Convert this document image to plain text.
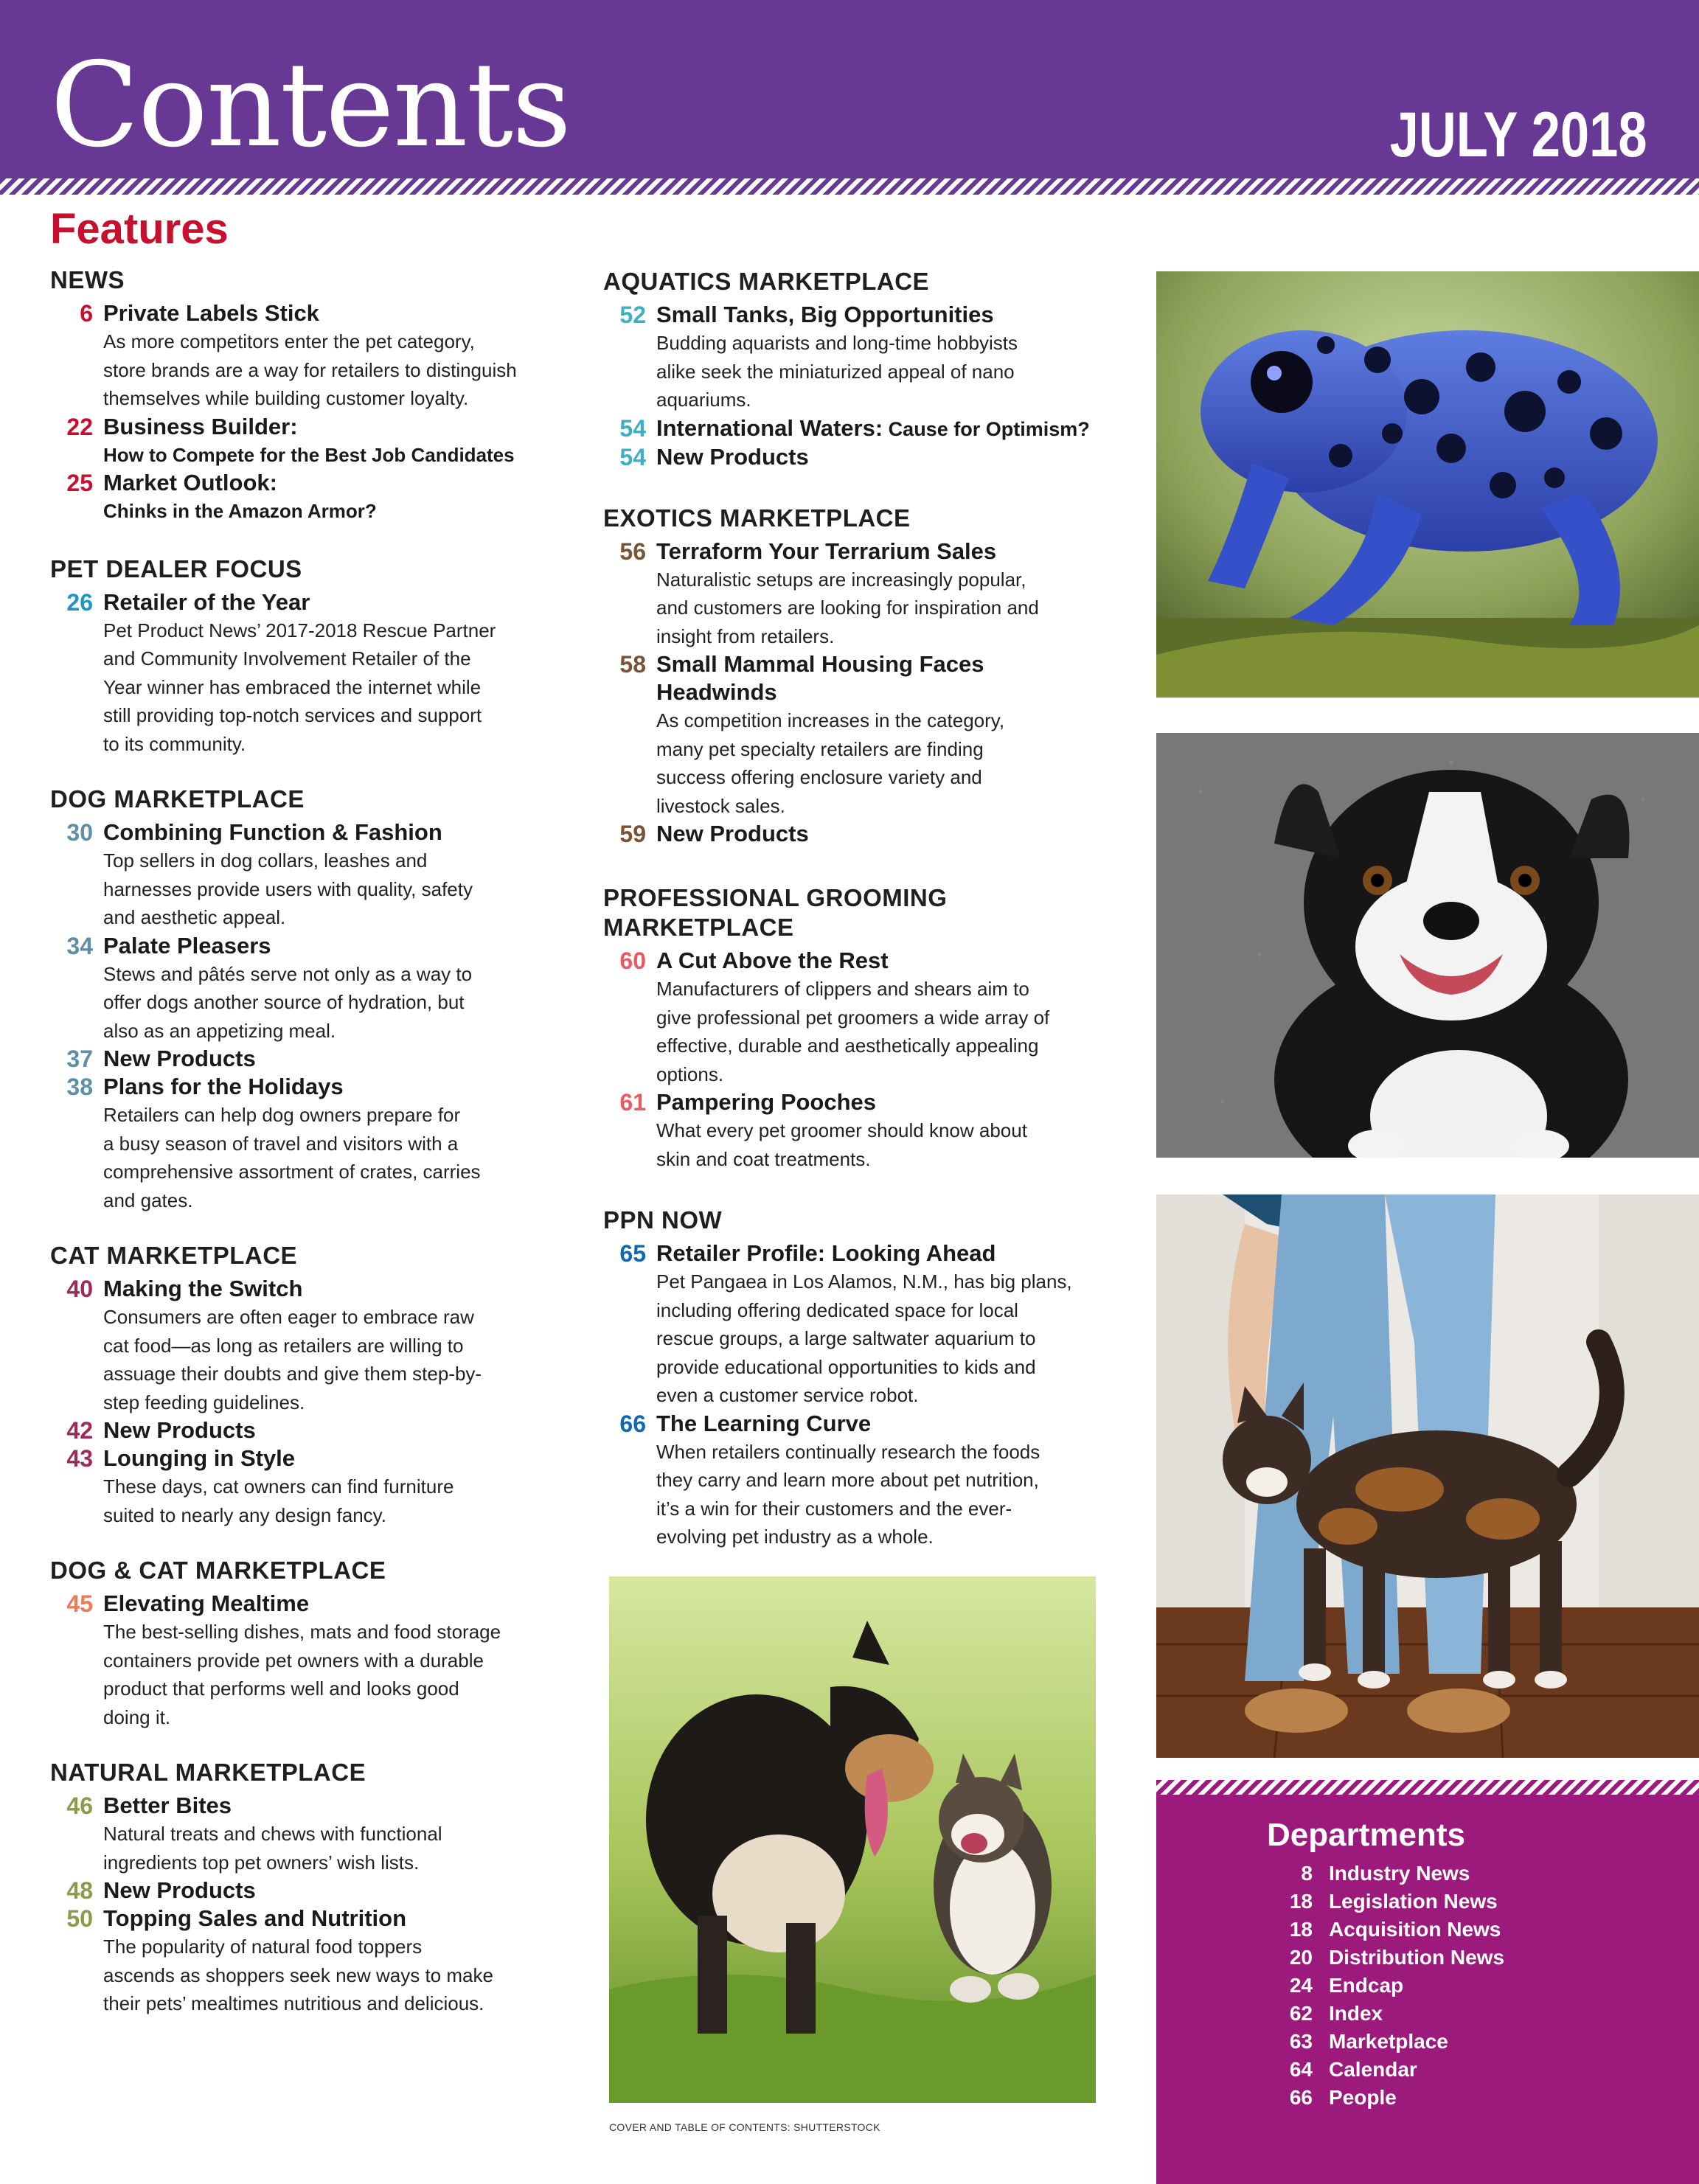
Contents	JULY 2018
Features
NEWS
6 Private Labels Stick
As more competitors enter the pet category,
store brands are a way for retailers to distinguish
themselves while building customer loyalty.
22 Business Builder:
How to Compete for the Best Job Candidates
25 Market Outlook:
Chinks in the Amazon Armor?
PET DEALER FOCUS
26 Retailer of the Year
Pet Product News’ 2017-2018 Rescue Partner
and Community Involvement Retailer of the
Year winner has embraced the internet while
still providing top-notch services and support
to its community.
DOG MARKETPLACE
30 Combining Function & Fashion
Top sellers in dog collars, leashes and
harnesses provide users with quality, safety
and aesthetic appeal.
34 Palate Pleasers
Stews and pâtés serve not only as a way to
offer dogs another source of hydration, but
also as an appetizing meal.
37 New Products
38 Plans for the Holidays
Retailers can help dog owners prepare for
a busy season of travel and visitors with a
comprehensive assortment of crates, carries
and gates.
CAT MARKETPLACE
40 Making the Switch
Consumers are often eager to embrace raw
cat food—as long as retailers are willing to
assuage their doubts and give them step-by-
step feeding guidelines.
42 New Products
43 Lounging in Style
These days, cat owners can find furniture
suited to nearly any design fancy.
DOG & CAT MARKETPLACE
45 Elevating Mealtime
The best-selling dishes, mats and food storage
containers provide pet owners with a durable
product that performs well and looks good
doing it.
NATURAL MARKETPLACE
46 Better Bites
Natural treats and chews with functional
ingredients top pet owners’ wish lists.
48 New Products
50 Topping Sales and Nutrition
The popularity of natural food toppers
ascends as shoppers seek new ways to make
their pets’ mealtimes nutritious and delicious.
AQUATICS MARKETPLACE
52 Small Tanks, Big Opportunities
Budding aquarists and long-time hobbyists
alike seek the miniaturized appeal of nano
aquariums.
54 International Waters: Cause for Optimism?
54 New Products
EXOTICS MARKETPLACE
56 Terraform Your Terrarium Sales
Naturalistic setups are increasingly popular,
and customers are looking for inspiration and
insight from retailers.
58 Small Mammal Housing Faces
Headwinds
As competition increases in the category,
many pet specialty retailers are finding
success offering enclosure variety and
livestock sales.
59 New Products
PROFESSIONAL GROOMING
MARKETPLACE
60 A Cut Above the Rest
Manufacturers of clippers and shears aim to
give professional pet groomers a wide array of
effective, durable and aesthetically appealing
options.
61 Pampering Pooches
What every pet groomer should know about
skin and coat treatments.
PPN NOW
65 Retailer Profile: Looking Ahead
Pet Pangaea in Los Alamos, N.M., has big plans,
including offering dedicated space for local
rescue groups, a large saltwater aquarium to
provide educational opportunities to kids and
even a customer service robot.
66 The Learning Curve
When retailers continually research the foods
they carry and learn more about pet nutrition,
it’s a win for their customers and the ever-
evolving pet industry as a whole.
COVER AND TABLE OF CONTENTS: SHUTTERSTOCK
Departments
8 Industry News
18 Legislation News
18 Acquisition News
20 Distribution News
24 Endcap
62 Index
63 Marketplace
64 Calendar
66 People
